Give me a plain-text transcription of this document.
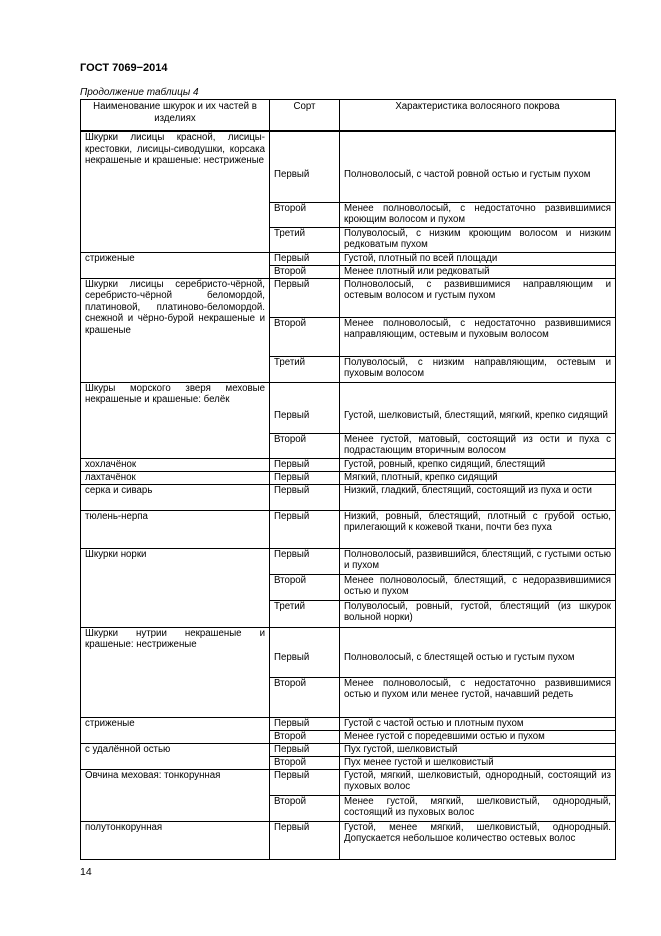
ГОСТ 7069−2014
Продолжение таблицы 4
Наименование шкурок и их частей в изделиях	Сорт	Характеристика волосяного покрова
Шкурки лисицы красной, лисицы-крестовки, лисицы-сиводушки, корсака некрашеные и крашеные: нестриженые	Первый	Полноволосый, с частой ровной остью и густым пухом
	Второй	Менее полноволосый, с недостаточно развившимися кроющим волосом и пухом
	Третий	Полуволосый, с низким кроющим волосом и низким редковатым пухом
стриженые	Первый	Густой, плотный по всей площади
	Второй	Менее плотный или редковатый
Шкурки лисицы серебристо-чёрной, серебристо-чёрной беломордой, платиновой, платиново-беломордой. снежной и чёрно-бурой некрашеные и крашеные	Первый	Полноволосый, с развившимися направляющим и остевым волосом и густым пухом
	Второй	Менее полноволосый, с недостаточно развившимися направляющим, остевым и пуховым волосом
	Третий	Полуволосый, с низким направляющим, остевым и пуховым волосом
Шкуры морского зверя меховые некрашеные и крашеные: белёк	Первый	Густой, шелковистый, блестящий, мягкий, крепко сидящий
	Второй	Менее густой, матовый, состоящий из ости и пуха с подрастающим вторичным волосом
хохлачёнок	Первый	Густой, ровный, крепко сидящий, блестящий
лахтачёнок	Первый	Мягкий, плотный, крепко сидящий
серка и сиварь	Первый	Низкий, гладкий, блестящий, состоящий из пуха и ости
тюлень-нерпа	Первый	Низкий, ровный, блестящий, плотный с грубой остью, прилегающий к кожевой ткани, почти без пуха
Шкурки норки	Первый	Полноволосый, развившийся, блестящий, с густыми остью и пухом
	Второй	Менее полноволосый, блестящий, с недоразвившимися остью и пухом
	Третий	Полуволосый, ровный, густой, блестящий (из шкурок вольной норки)
Шкурки нутрии некрашеные и крашеные: нестриженые	Первый	Полноволосый, с блестящей остью и густым пухом
	Второй	Менее полноволосый, с недостаточно развившимися остью и пухом или менее густой, начавший редеть
стриженые	Первый	Густой с частой остью и плотным пухом
	Второй	Менее густой с поредевшими остью и пухом
с удалённой остью	Первый	Пух густой, шелковистый
	Второй	Пух менее густой и шелковистый
Овчина меховая: тонкорунная	Первый	Густой, мягкий, шелковистый, однородный, состоящий из пуховых волос
	Второй	Менее густой, мягкий, шелковистый, однородный, состоящий из пуховых волос
полутонкорунная	Первый	Густой, менее мягкий, шелковистый, однородный. Допускается небольшое количество остевых волос
14
